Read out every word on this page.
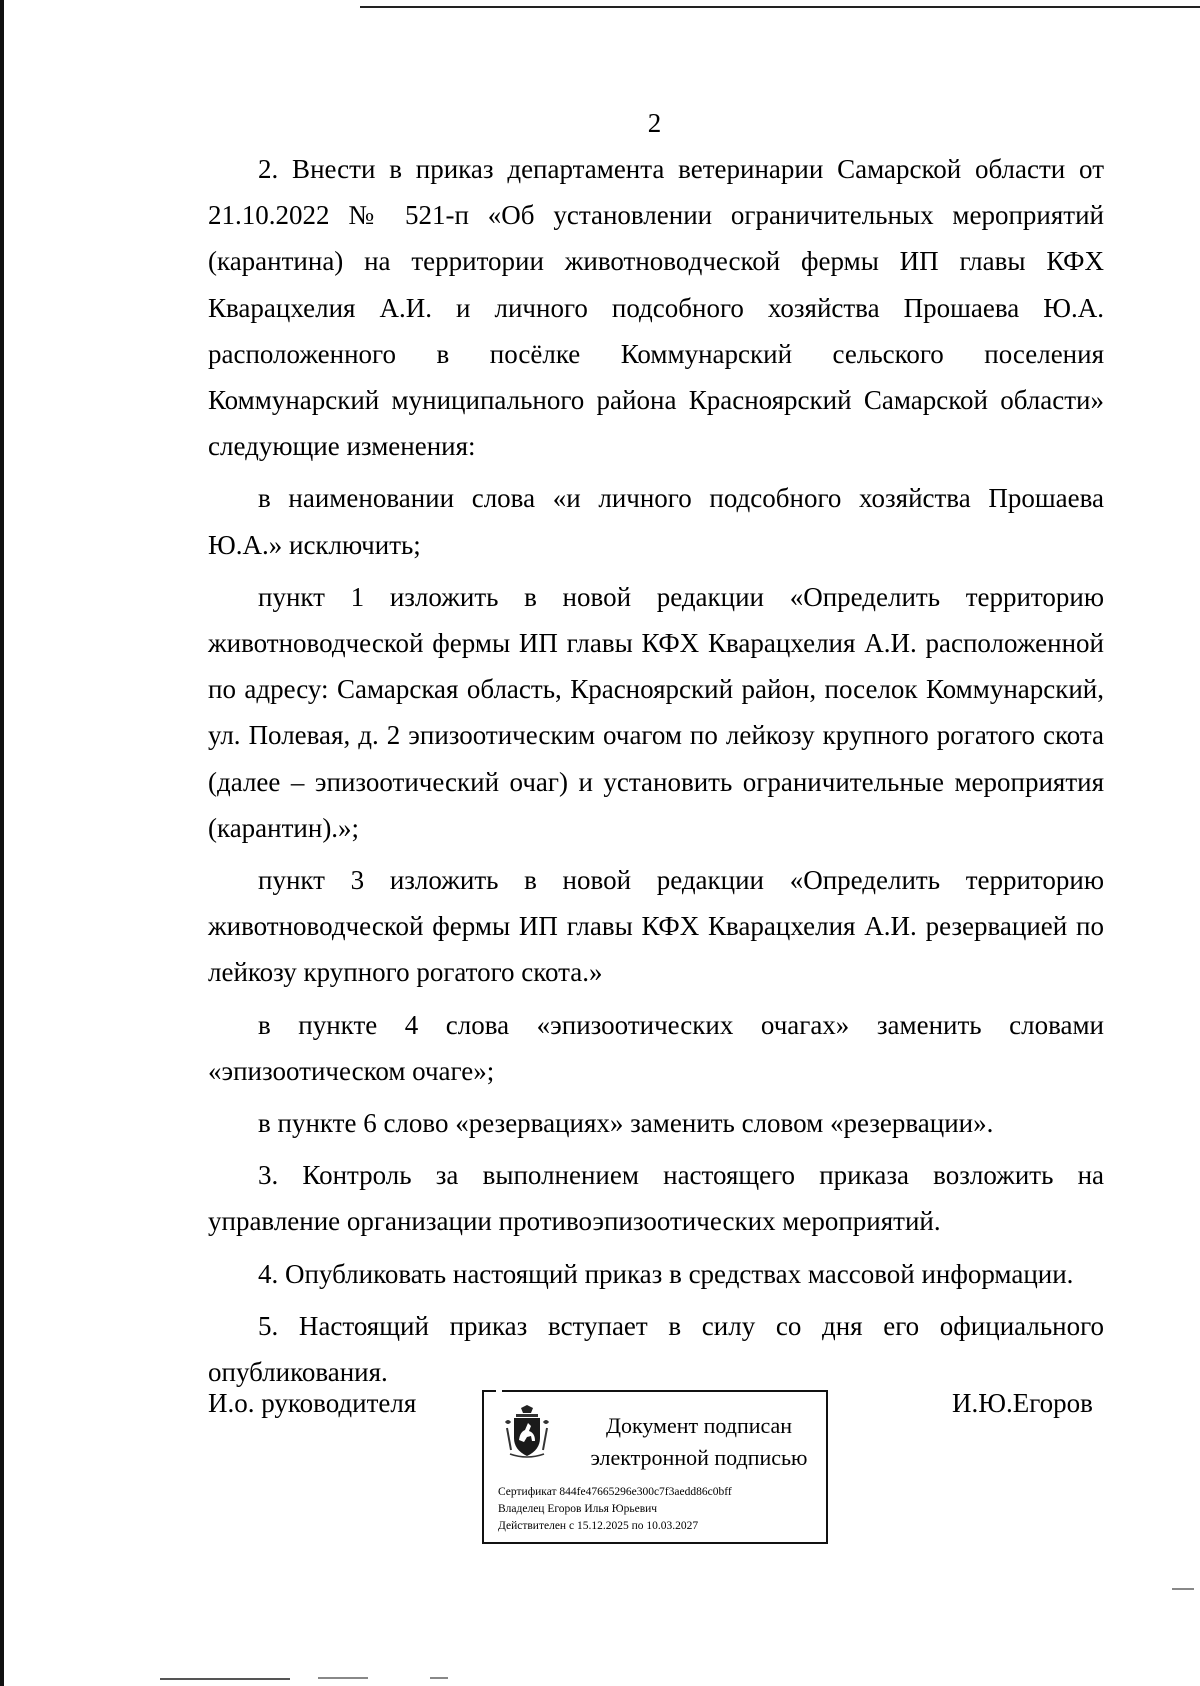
2

2. Внести в приказ департамента ветеринарии Самарской области от 21.10.2022 № 521-п «Об установлении ограничительных мероприятий (карантина) на территории животноводческой фермы ИП главы КФХ Кварацхелия А.И. и личного подсобного хозяйства Прошаева Ю.А. расположенного в посёлке Коммунарский сельского поселения Коммунарский муниципального района Красноярский Самарской области» следующие изменения:

в наименовании слова «и личного подсобного хозяйства Прошаева Ю.А.» исключить;

пункт 1 изложить в новой редакции «Определить территорию животноводческой фермы ИП главы КФХ Кварацхелия А.И. расположенной по адресу: Самарская область, Красноярский район, поселок Коммунарский, ул. Полевая, д. 2 эпизоотическим очагом по лейкозу крупного рогатого скота (далее – эпизоотический очаг) и установить ограничительные мероприятия (карантин).»;

пункт 3 изложить в новой редакции «Определить территорию животноводческой фермы ИП главы КФХ Кварацхелия А.И. резервацией по лейкозу крупного рогатого скота.»

в пункте 4 слова «эпизоотических очагах» заменить словами «эпизоотическом очаге»;

в пункте 6 слово «резервациях» заменить словом «резервации».

3. Контроль за выполнением настоящего приказа возложить на управление организации противоэпизоотических мероприятий.

4. Опубликовать настоящий приказ в средствах массовой информации.

5. Настоящий приказ вступает в силу со дня его официального опубликования.

И.о. руководителя
Документ подписан
электронной подписью
Сертификат 844fe47665296e300c7f3aedd86c0bff
Владелец Егоров Илья Юрьевич
Действителен с 15.12.2025 по 10.03.2027
И.Ю.Егоров
